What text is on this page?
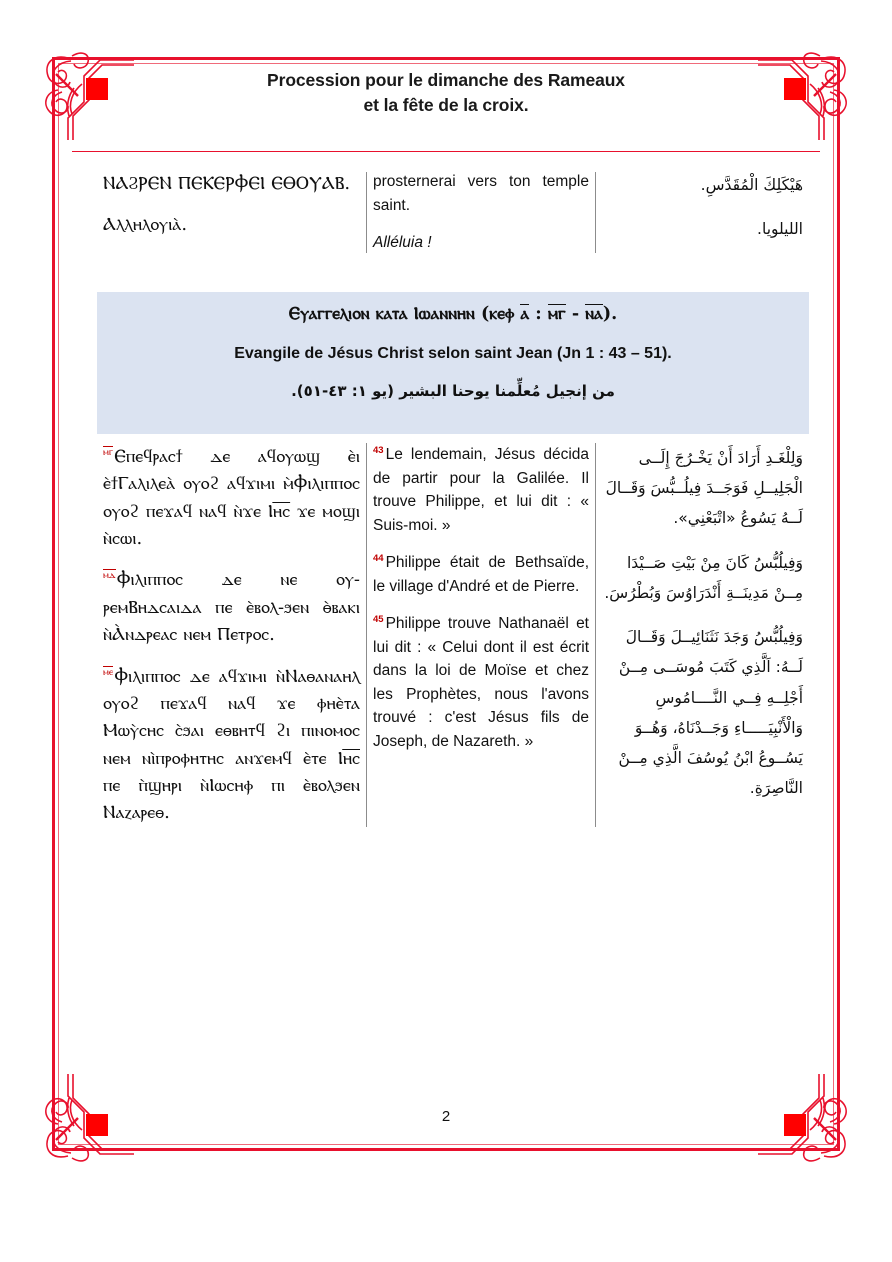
Procession pour le dimanche des Rameaux
et la fête de la croix.

ⲚⲀϨⲢⲈⲚ ⲠⲈⲔⲈⲢⲪⲈⲒ ⲈⲐⲞⲨⲀⲂ.

Ⲁⲗⲗⲏⲗⲟⲩⲓⲁ̀.

prosternerai vers ton temple saint.

Alléluia !

هَيْكَلِكَ الْمُقَدَّسِ.

الليلويا.

Ⲉⲩⲁⲅⲅⲉⲗⲓⲟⲛ ⲕⲁⲧⲁ Ⲓⲱⲁⲛⲛⲏⲛ (ⲕⲉⲫ ⲁ : ⲙⲅ - ⲛⲁ).
Evangile de Jésus Christ selon saint Jean (Jn 1 : 43 – 51).
من إنجيل مُعلِّمنا يوحنا البشير (يو ١: ٤٣-٥١).

ⲙⲅⲈⲡⲉϥⲣⲁⲥϯ ⲇⲉ ⲁϥⲟⲩⲱϣ ⲉ̀ⲓ ⲉ̀ϯⲄⲁⲗⲓⲗⲉⲁ̀ ⲟⲩⲟϩ ⲁϥϫⲓⲙⲓ ⲙ̀Ⲫⲓⲗⲓⲡⲡⲟⲥ ⲟⲩⲟϩ ⲡⲉϫⲁϥ ⲛⲁϥ ⲛ̀ϫⲉ Ⲓⲏ̅ⲥ̅ ϫⲉ ⲙⲟϣⲓ ⲛ̀ⲥⲱⲓ.

ⲙⲇⲪⲓⲗⲓⲡⲡⲟⲥ ⲇⲉ ⲛⲉ ⲟⲩ-ⲣⲉⲙⲂⲏⲇⲥⲁⲓⲇⲁ ⲡⲉ ⲉ̀ⲃⲟⲗ-ϧⲉⲛ ⲑ̀ⲃⲁⲕⲓ ⲛ̀Ⲁ̀ⲛⲇⲣⲉⲁⲥ ⲛⲉⲙ Ⲡⲉⲧⲣⲟⲥ.

ⲙⲉⲪⲓⲗⲓⲡⲡⲟⲥ ⲇⲉ ⲁϥϫⲓⲙⲓ ⲛ̀Ⲛⲁⲑⲁⲛⲁⲏⲗ ⲟⲩⲟϩ ⲡⲉϫⲁϥ ⲛⲁϥ ϫⲉ ⲫⲏⲉ̀ⲧⲁ Ⲙⲱⲩ̀ⲥⲏⲥ ⲥ̀ϧⲁⲓ ⲉⲑⲃⲏⲧϥ ϩⲓ ⲡⲓⲛⲟⲙⲟⲥ ⲛⲉⲙ ⲛⲓ̀ⲡⲣⲟⲫⲏⲧⲏⲥ ⲁⲛϫⲉⲙϥ ⲉ̀ⲧⲉ Ⲓⲏ̅ⲥ̅ ⲡⲉ ⲡ̀ϣⲏⲣⲓ ⲛ̀Ⲓⲱⲥⲏⲫ ⲡⲓ ⲉ̀ⲃⲟⲗϧⲉⲛ Ⲛⲁⲍⲁⲣⲉⲑ.

$^{43}$ Le lendemain, Jésus décida de partir pour la Galilée. Il trouve Philippe, et lui dit : « Suis-moi. »

$^{44}$ Philippe était de Bethsaïde, le village d'André et de Pierre.

$^{45}$ Philippe trouve Nathanaël et lui dit : « Celui dont il est écrit dans la loi de Moïse et chez les Prophètes, nous l'avons trouvé : c'est Jésus fils de Joseph, de Nazareth. »

وَلِلْغَـدِ أَرَادَ أَنْ يَخْـرُجَ إِلَــى الْجَلِيــلِ فَوَجَــدَ فِيلُــبُّسَ وَقَــالَ لَــهُ يَسُوعُ «اتْبَعْنِي».

وَفِيلُبُّسُ كَانَ مِنْ بَيْتِ صَــيْدَا مِــنْ مَدِينَــةِ أَنْدَرَاوُسَ وَبُطْرُسَ.

وَفِيلُبُّسُ وَجَدَ نَثَنَائِيــلَ وَقَــالَ لَــهُ: اَلَّذِي كَتَبَ مُوسَــى مِــنْ أَجْلِــهِ فِــي النَّــــامُوسِ وَالْأَنْبِيَـــــاءِ وَجَــدْنَاهُ، وَهُــوَ يَسُــوعُ ابْنُ يُوسُفَ الَّذِي مِــنْ النَّاصِرَةِ.

2
